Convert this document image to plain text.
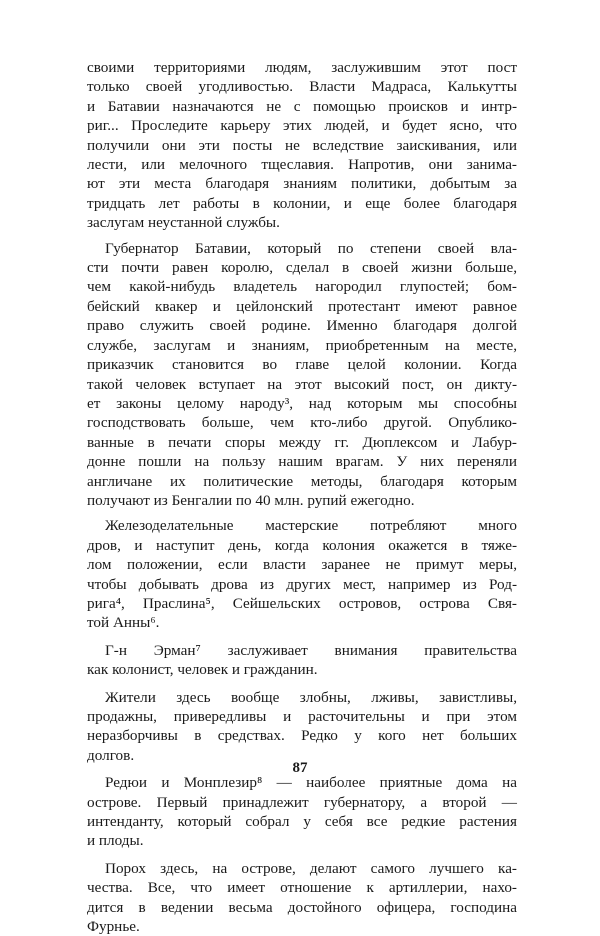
своими территориями людям, заслужившим этот пост
только своей угодливостью. Власти Мадраса, Калькутты
и Батавии назначаются не с помощью происков и интр-
риг... Проследите карьеру этих людей, и будет ясно, что
получили они эти посты не вследствие заискивания, или
лести, или мелочного тщеславия. Напротив, они занима-
ют эти места благодаря знаниям политики, добытым за
тридцать лет работы в колонии, и еще более благодаря
заслугам неустанной службы.

Губернатор Батавии, который по степени своей вла-
сти почти равен королю, сделал в своей жизни больше,
чем какой-нибудь владетель нагородил глупостей; бом-
бейский квакер и цейлонский протестант имеют равное
право служить своей родине. Именно благодаря долгой
службе, заслугам и знаниям, приобретенным на месте,
приказчик становится во главе целой колонии. Когда
такой человек вступает на этот высокий пост, он дикту-
ет законы целому народу³, над которым мы способны
господствовать больше, чем кто-либо другой. Опублико-
ванные в печати споры между гг. Дюплексом и Лабур-
донне пошли на пользу нашим врагам. У них переняли
англичане их политические методы, благодаря которым
получают из Бенгалии по 40 млн. рупий ежегодно.

Железоделательные мастерские потребляют много
дров, и наступит день, когда колония окажется в тяже-
лом положении, если власти заранее не примут меры,
чтобы добывать дрова из других мест, например из Род-
рига⁴, Праслина⁵, Сейшельских островов, острова Свя-
той Анны⁶.

Г-н Эрман⁷ заслуживает внимания правительства
как колонист, человек и гражданин.

Жители здесь вообще злобны, лживы, завистливы,
продажны, привередливы и расточительны и при этом
неразборчивы в средствах. Редко у кого нет больших
долгов.

Редюи и Монплезир⁸ — наиболее приятные дома на
острове. Первый принадлежит губернатору, а второй —
интенданту, который собрал у себя все редкие растения
и плоды.

Порох здесь, на острове, делают самого лучшего ка-
чества. Все, что имеет отношение к артиллерии, нахо-
дится в ведении весьма достойного офицера, господина
Фурнье.

87
